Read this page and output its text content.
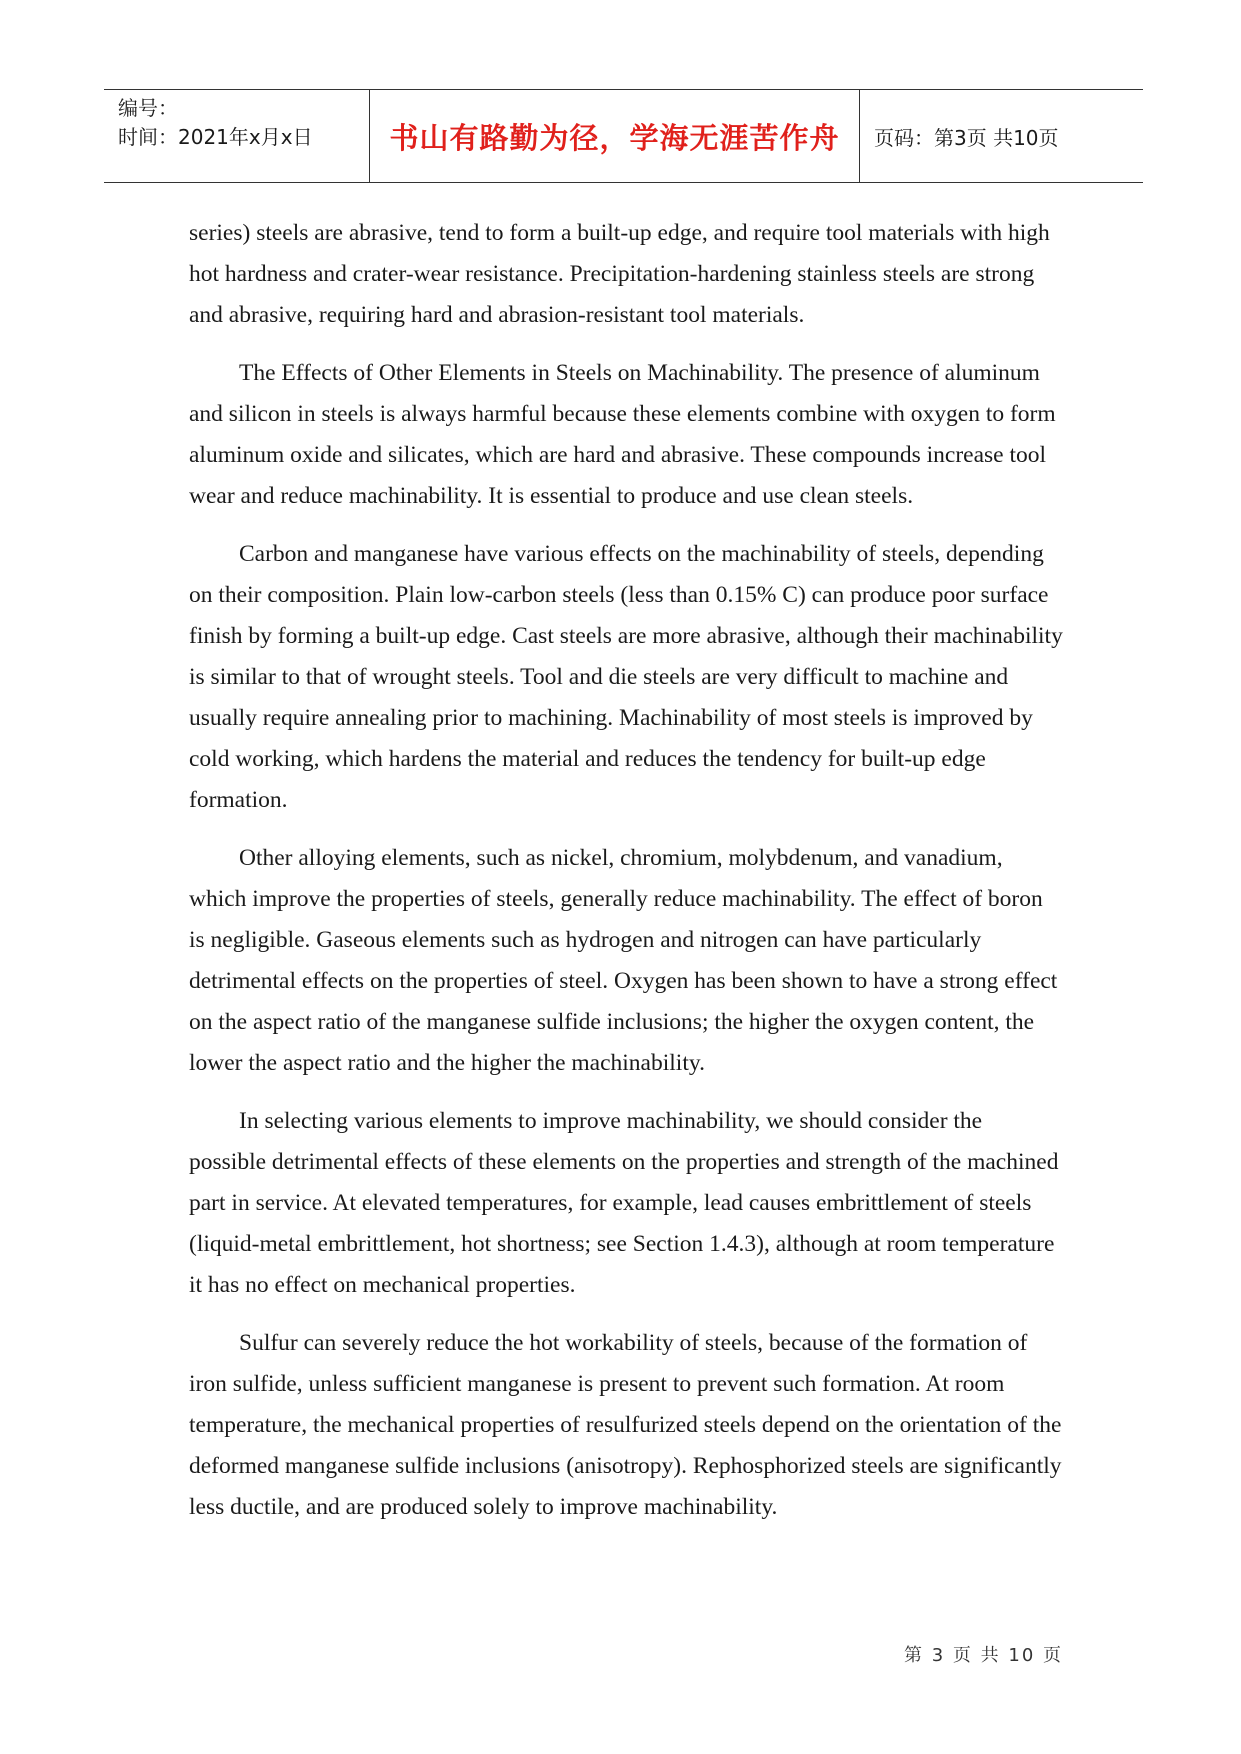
编号：
时间：2021年x月x日	书山有路勤为径，学海无涯苦作舟 页码：第3页 共10页

series) steels are abrasive, tend to form a built-up edge, and require tool materials with high hot hardness and crater-wear resistance. Precipitation-hardening stainless steels are strong and abrasive, requiring hard and abrasion-resistant tool materials.

The Effects of Other Elements in Steels on Machinability. The presence of aluminum and silicon in steels is always harmful because these elements combine with oxygen to form aluminum oxide and silicates, which are hard and abrasive. These compounds increase tool wear and reduce machinability. It is essential to produce and use clean steels.

Carbon and manganese have various effects on the machinability of steels, depending on their composition. Plain low-carbon steels (less than 0.15% C) can produce poor surface finish by forming a built-up edge. Cast steels are more abrasive, although their machinability is similar to that of wrought steels. Tool and die steels are very difficult to machine and usually require annealing prior to machining. Machinability of most steels is improved by cold working, which hardens the material and reduces the tendency for built-up edge formation.

Other alloying elements, such as nickel, chromium, molybdenum, and vanadium, which improve the properties of steels, generally reduce machinability. The effect of boron is negligible. Gaseous elements such as hydrogen and nitrogen can have particularly detrimental effects on the properties of steel. Oxygen has been shown to have a strong effect on the aspect ratio of the manganese sulfide inclusions; the higher the oxygen content, the lower the aspect ratio and the higher the machinability.

In selecting various elements to improve machinability, we should consider the possible detrimental effects of these elements on the properties and strength of the machined part in service. At elevated temperatures, for example, lead causes embrittlement of steels (liquid-metal embrittlement, hot shortness; see Section 1.4.3), although at room temperature it has no effect on mechanical properties.

Sulfur can severely reduce the hot workability of steels, because of the formation of iron sulfide, unless sufficient manganese is present to prevent such formation. At room temperature, the mechanical properties of resulfurized steels depend on the orientation of the deformed manganese sulfide inclusions (anisotropy). Rephosphorized steels are significantly less ductile, and are produced solely to improve machinability.

第 3 页 共 10 页
